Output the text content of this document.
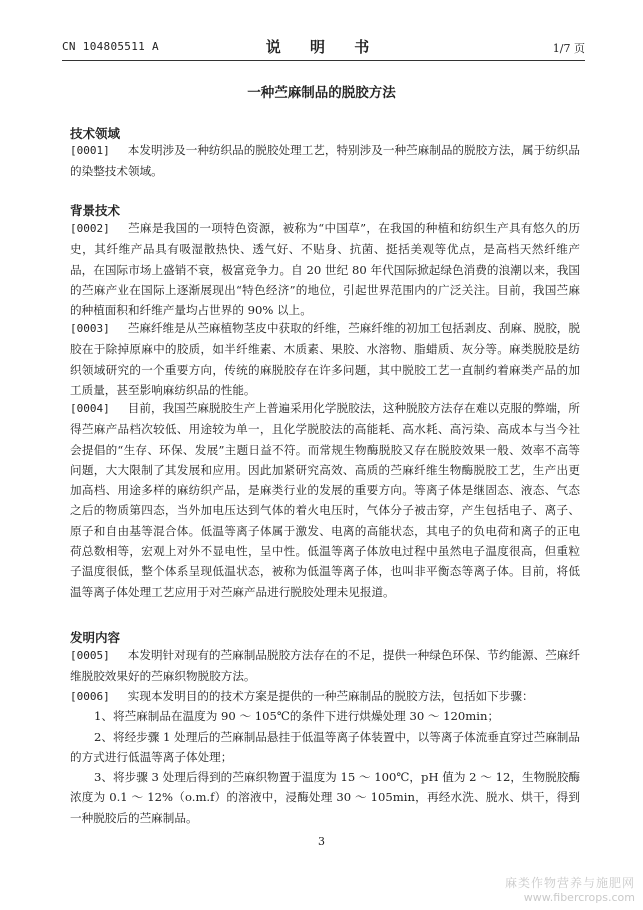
CN 104805511 A	说 明 书	1/7 页
一种苎麻制品的脱胶方法
技术领域
[0001] 本发明涉及一种纺织品的脱胶处理工艺，特别涉及一种苎麻制品的脱胶方法，属于纺织品的染整技术领域。
背景技术
[0002] 苎麻是我国的一项特色资源，被称为“中国草”，在我国的种植和纺织生产具有悠久的历史，其纤维产品具有吸湿散热快、透气好、不贴身、抗菌、挺括美观等优点，是高档天然纤维产品，在国际市场上盛销不衰，极富竞争力。自 20 世纪 80 年代国际掀起绿色消费的浪潮以来，我国的苎麻产业在国际上逐渐展现出“特色经济”的地位，引起世界范围内的广泛关注。目前，我国苎麻的种植面积和纤维产量均占世界的 90% 以上。
[0003] 苎麻纤维是从苎麻植物茎皮中获取的纤维，苎麻纤维的初加工包括剥皮、刮麻、脱胶，脱胶在于除掉原麻中的胶质，如半纤维素、木质素、果胶、水溶物、脂蜡质、灰分等。麻类脱胶是纺织领域研究的一个重要方向，传统的麻脱胶存在许多问题，其中脱胶工艺一直制约着麻类产品的加工质量，甚至影响麻纺织品的性能。
[0004] 目前，我国苎麻脱胶生产上普遍采用化学脱胶法，这种脱胶方法存在难以克服的弊端，所得苎麻产品档次较低、用途较为单一，且化学脱胶法的高能耗、高水耗、高污染、高成本与当今社会提倡的“生存、环保、发展”主题日益不符。而常规生物酶脱胶又存在脱胶效果一般、效率不高等问题，大大限制了其发展和应用。因此加紧研究高效、高质的苎麻纤维生物酶脱胶工艺，生产出更加高档、用途多样的麻纺织产品，是麻类行业的发展的重要方向。等离子体是继固态、液态、气态之后的物质第四态，当外加电压达到气体的着火电压时，气体分子被击穿，产生包括电子、离子、原子和自由基等混合体。低温等离子体属于激发、电离的高能状态，其电子的负电荷和离子的正电荷总数相等，宏观上对外不显电性，呈中性。低温等离子体放电过程中虽然电子温度很高，但重粒子温度很低，整个体系呈现低温状态，被称为低温等离子体，也叫非平衡态等离子体。目前，将低温等离子体处理工艺应用于对苎麻产品进行脱胶处理未见报道。
发明内容
[0005] 本发明针对现有的苎麻制品脱胶方法存在的不足，提供一种绿色环保、节约能源、苎麻纤维脱胶效果好的苎麻织物脱胶方法。
[0006] 实现本发明目的的技术方案是提供的一种苎麻制品的脱胶方法，包括如下步骤：
1、将苎麻制品在温度为 90 ～ 105℃的条件下进行烘燥处理 30 ～ 120min；
2、将经步骤 1 处理后的苎麻制品悬挂于低温等离子体装置中，以等离子体流垂直穿过苎麻制品的方式进行低温等离子体处理；
3、将步骤 3 处理后得到的苎麻织物置于温度为 15 ～ 100℃，pH 值为 2 ～ 12，生物脱胶酶浓度为 0.1 ～ 12%（o.m.f）的溶液中，浸酶处理 30 ～ 105min，再经水洗、脱水、烘干，得到一种脱胶后的苎麻制品。
3
麻类作物营养与施肥网
www.fibercrops.com
